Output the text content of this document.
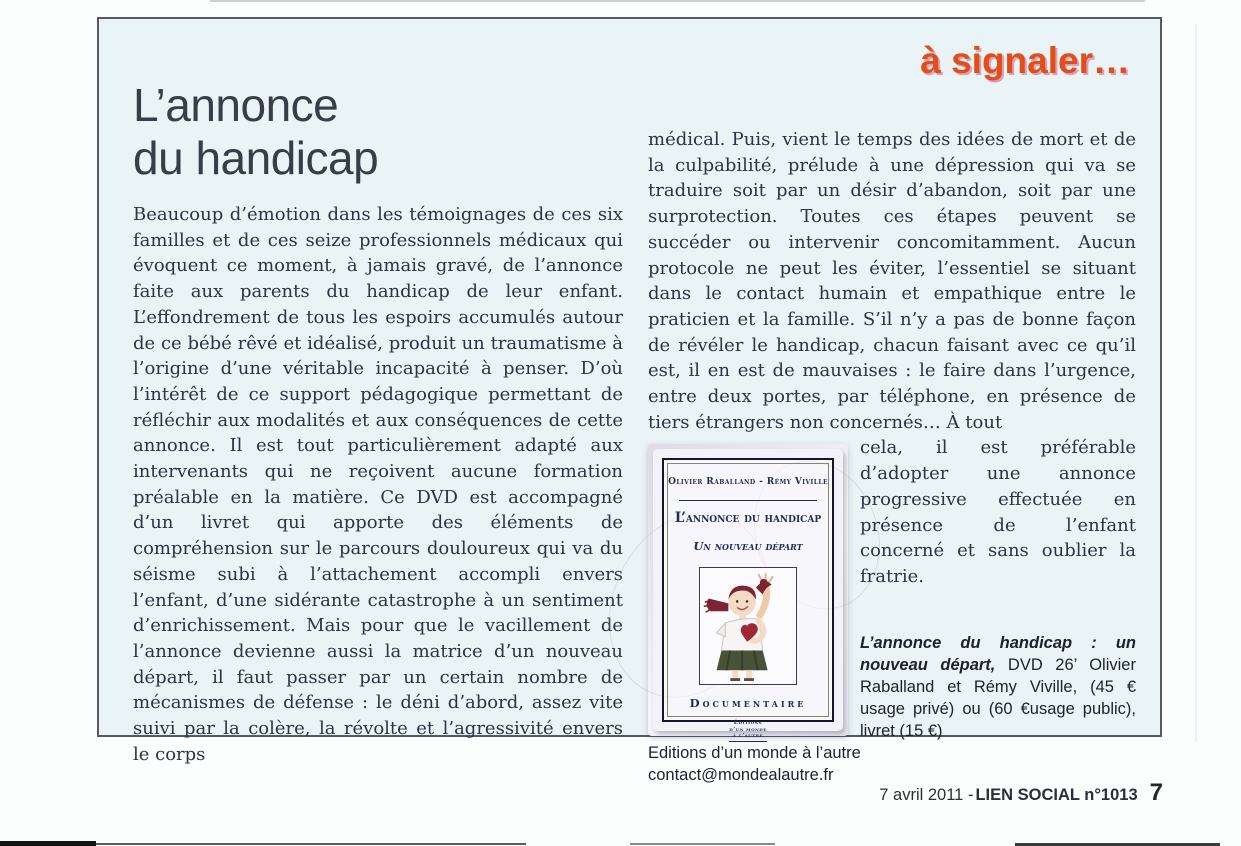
à signaler…
L’annonce
du handicap
Beaucoup d’émotion dans les témoignages de ces six familles et de ces seize professionnels médicaux qui évoquent ce moment, à jamais gravé, de l’annonce faite aux parents du handicap de leur enfant. L’effondrement de tous les espoirs accumulés autour de ce bébé rêvé et idéalisé, produit un traumatisme à l’origine d’une véritable incapacité à penser. D’où l’intérêt de ce support pédagogique permettant de réfléchir aux modalités et aux conséquences de cette annonce. Il est tout particulièrement adapté aux intervenants qui ne reçoivent aucune formation préalable en la matière. Ce DVD est accompagné d’un livret qui apporte des éléments de compréhension sur le parcours douloureux qui va du séisme subi à l’attachement accompli envers l’enfant, d’une sidérante catastrophe à un sentiment d’enrichissement. Mais pour que le vacillement de l’annonce devienne aussi la matrice d’un nouveau départ, il faut passer par un certain nombre de mécanismes de défense : le déni d’abord, assez vite suivi par la colère, la révolte et l’agressivité envers le corps

médical. Puis, vient le temps des idées de mort et de la culpabilité, prélude à une dépression qui va se traduire soit par un désir d’abandon, soit par une surprotection. Toutes ces étapes peuvent se succéder ou intervenir concomitamment. Aucun protocole ne peut les éviter, l’essentiel se situant dans le contact humain et empathique entre le praticien et la famille. S’il n’y a pas de bonne façon de révéler le handicap, chacun faisant avec ce qu’il est, il en est de mauvaises : le faire dans l’urgence, entre deux portes, par téléphone, en présence de tiers étrangers non concernés… À tout

Olivier Raballand - Rémy Viville
L’annonce du handicap
Un nouveau départ
Documentaire
Éditions
d’un monde
à l’autre

cela, il est préférable d’adopter une annonce progressive effectuée en présence de l’enfant concerné et sans oublier la fratrie.

L’annonce du handicap : un nouveau départ, DVD 26’ Olivier Raballand et Rémy Viville, (45 € usage privé) ou (60 €usage public), livret (15 €)

Editions d’un monde à l’autre

contact@mondealautre.fr

7 avril 2011 - LIEN SOCIAL n°1013 7
